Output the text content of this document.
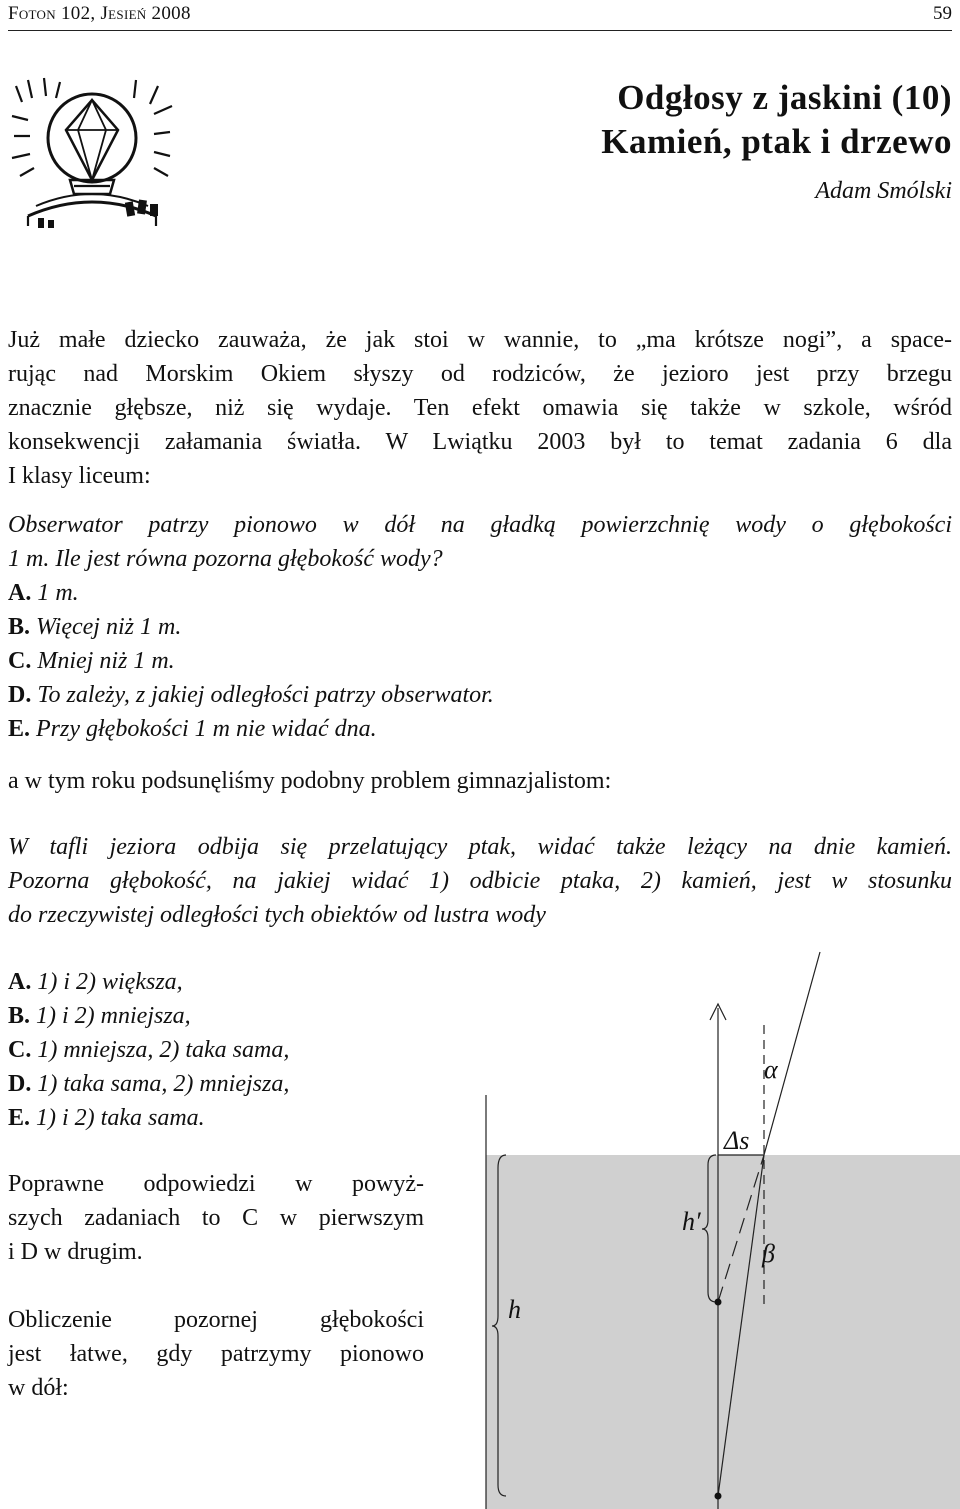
Foton 102, Jesień 2008	59
Odgłosy z jaskini (10)
Kamień, ptak i drzewo
Adam Smólski
Już małe dziecko zauważa, że jak stoi w wannie, to „ma krótsze nogi”, a space-
rując nad Morskim Okiem słyszy od rodziców, że jezioro jest przy brzegu
znacznie głębsze, niż się wydaje. Ten efekt omawia się także w szkole, wśród
konsekwencji załamania światła. W Lwiątku 2003 był to temat zadania 6 dla
I klasy liceum:
Obserwator patrzy pionowo w dół na gładką powierzchnię wody o głębokości
1 m. Ile jest równa pozorna głębokość wody?
A. 1 m.
B. Więcej niż 1 m.
C. Mniej niż 1 m.
D. To zależy, z jakiej odległości patrzy obserwator.
E. Przy głębokości 1 m nie widać dna.
a w tym roku podsunęliśmy podobny problem gimnazjalistom:
W tafli jeziora odbija się przelatujący ptak, widać także leżący na dnie kamień.
Pozorna głębokość, na jakiej widać 1) odbicie ptaka, 2) kamień, jest w stosunku
do rzeczywistej odległości tych obiektów od lustra wody
A. 1) i 2) większa,
B. 1) i 2) mniejsza,
C. 1) mniejsza, 2) taka sama,
D. 1) taka sama, 2) mniejsza,
E. 1) i 2) taka sama.
Poprawne odpowiedzi w powyż-
szych zadaniach to C w pierwszym
i D w drugim.
Obliczenie pozornej głębokości
jest łatwe, gdy patrzymy pionowo
w dół:
α
Δs
h′
β
h
